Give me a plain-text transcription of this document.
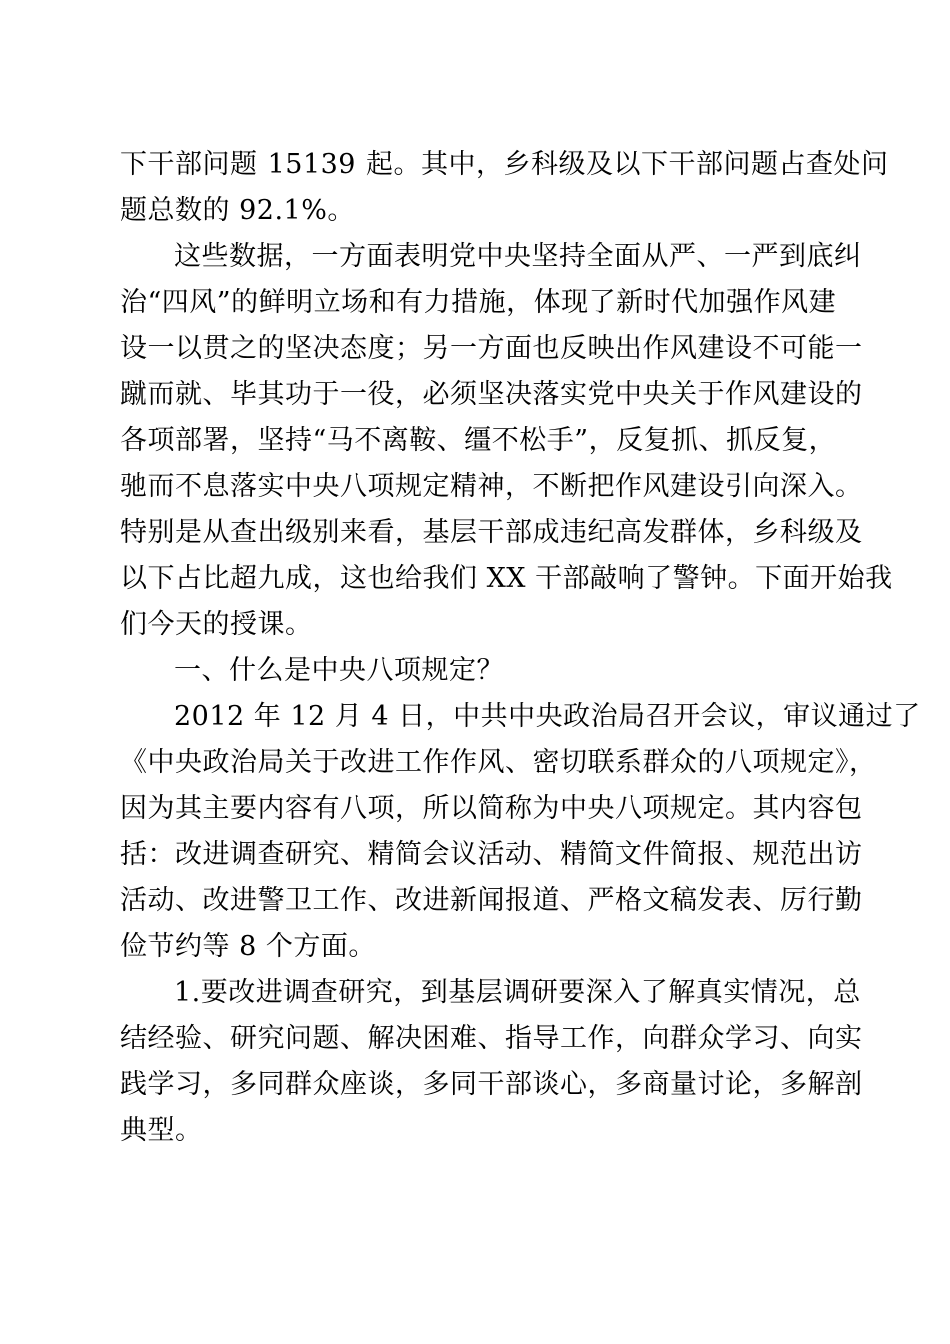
下干部问题 15139 起。其中，乡科级及以下干部问题占查处问
题总数的 92.1%。
这些数据，一方面表明党中央坚持全面从严、一严到底纠
治“四风”的鲜明立场和有力措施，体现了新时代加强作风建
设一以贯之的坚决态度；另一方面也反映出作风建设不可能一
蹴而就、毕其功于一役，必须坚决落实党中央关于作风建设的
各项部署，坚持“马不离鞍、缰不松手”，反复抓、抓反复，
驰而不息落实中央八项规定精神，不断把作风建设引向深入。
特别是从查出级别来看，基层干部成违纪高发群体，乡科级及
以下占比超九成，这也给我们 XX 干部敲响了警钟。下面开始我
们今天的授课。
一、什么是中央八项规定？
2012 年 12 月 4 日，中共中央政治局召开会议，审议通过了
《中央政治局关于改进工作作风、密切联系群众的八项规定》，
因为其主要内容有八项，所以简称为中央八项规定。其内容包
括：改进调查研究、精简会议活动、精简文件简报、规范出访
活动、改进警卫工作、改进新闻报道、严格文稿发表、厉行勤
俭节约等 8 个方面。
1.要改进调查研究，到基层调研要深入了解真实情况，总
结经验、研究问题、解决困难、指导工作，向群众学习、向实
践学习，多同群众座谈，多同干部谈心，多商量讨论，多解剖
典型。
